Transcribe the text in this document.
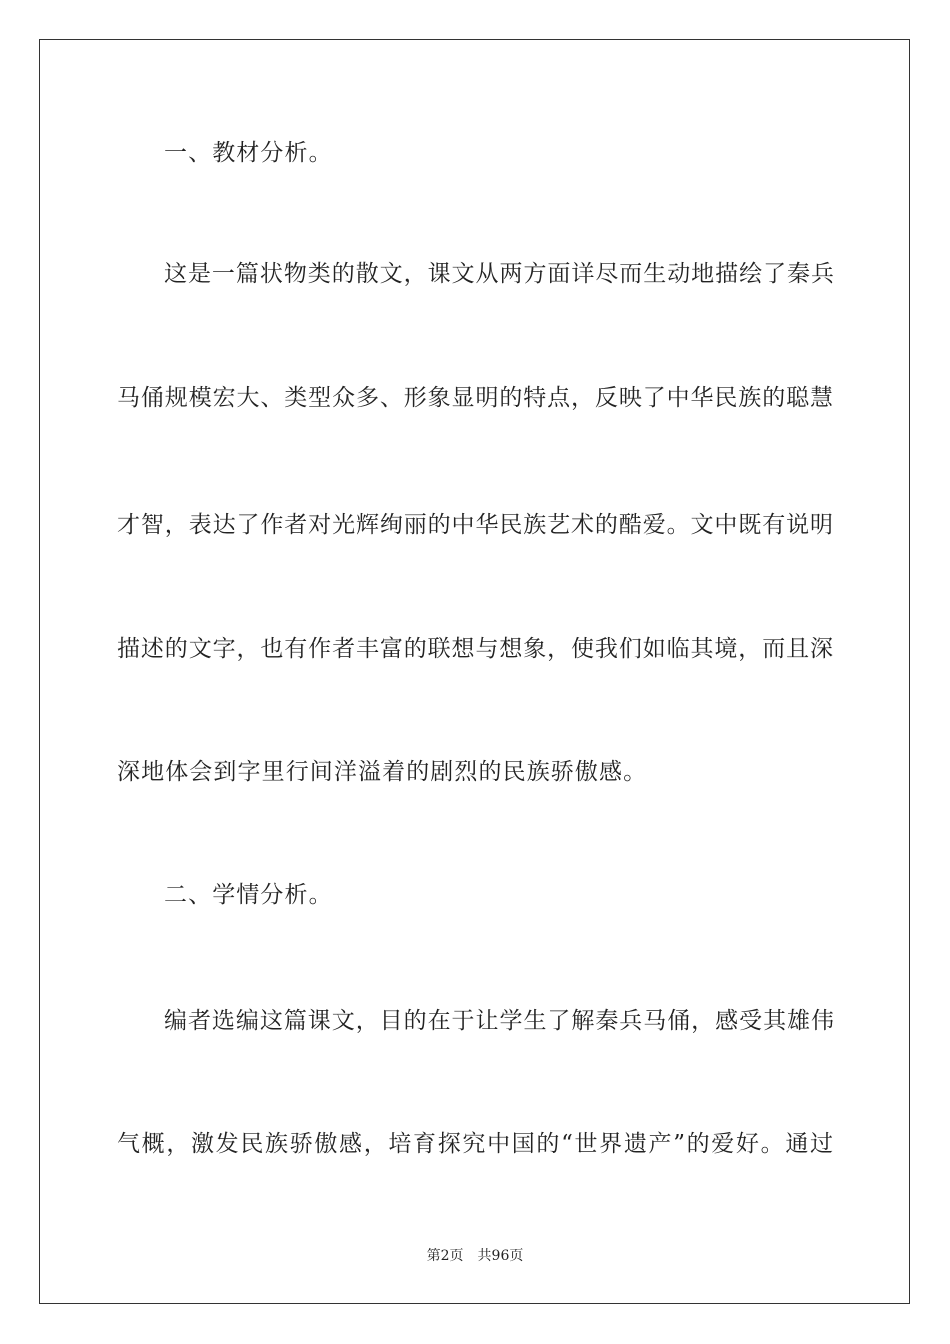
一、教材分析。
这是一篇状物类的散文，课文从两方面详尽而生动地描绘了秦兵
马俑规模宏大、类型众多、形象显明的特点，反映了中华民族的聪慧
才智，表达了作者对光辉绚丽的中华民族艺术的酷爱。文中既有说明
描述的文字，也有作者丰富的联想与想象，使我们如临其境，而且深
深地体会到字里行间洋溢着的剧烈的民族骄傲感。
二、学情分析。
编者选编这篇课文，目的在于让学生了解秦兵马俑，感受其雄伟
气概，激发民族骄傲感，培育探究中国的“世界遗产”的爱好。通过
第2页 共96页
